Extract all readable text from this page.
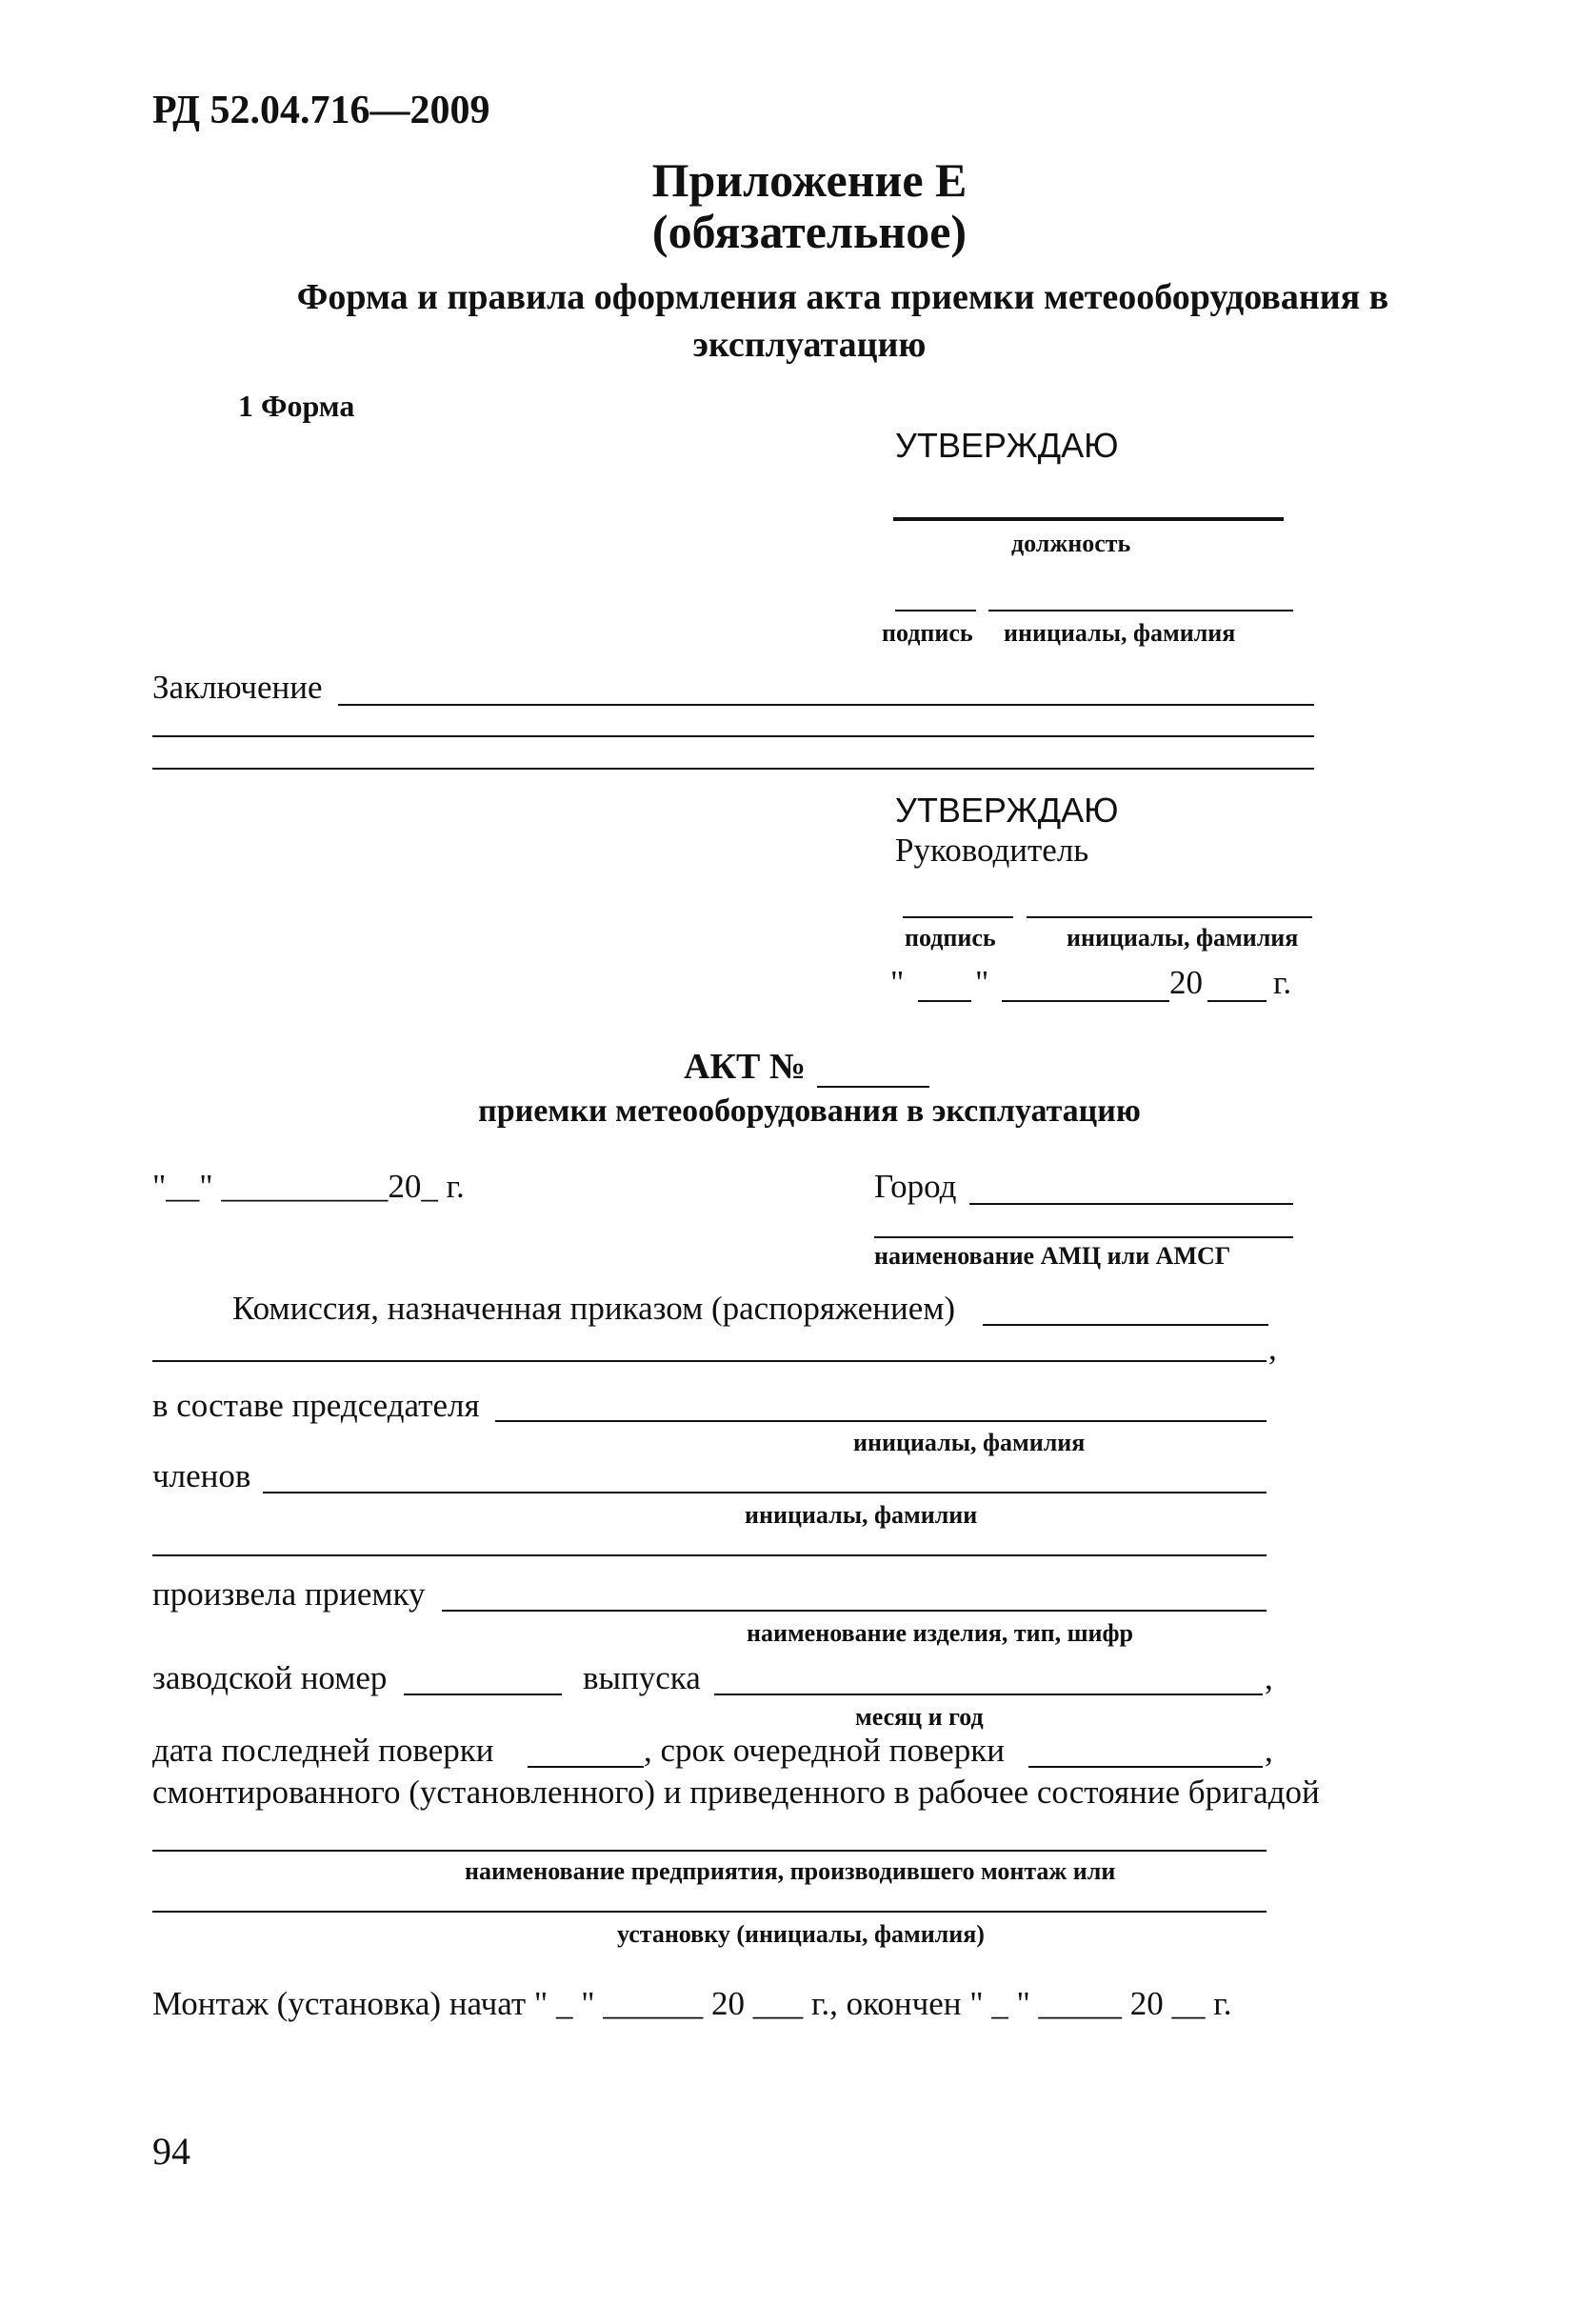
РД 52.04.716—2009
Приложение Е
(обязательное)
Форма и правила оформления акта приемки метеооборудования в
эксплуатацию
1 Форма
УТВЕРЖДАЮ
должность
подпись инициалы, фамилия
Заключение
УТВЕРЖДАЮ
Руководитель
подпись	инициалы, фамилия
" "	20 г.
АКТ №
приемки метеооборудования в эксплуатацию
"__" __________20_ г.	Город
наименование АМЦ или АМСГ
Комиссия, назначенная приказом (распоряжением)
,
в составе председателя
инициалы, фамилия
членов
инициалы, фамилии
произвела приемку
наименование изделия, тип, шифр
заводской номер	выпуска	,
месяц и год
дата последней поверки	, срок очередной поверки	,
смонтированного (установленного) и приведенного в рабочее состояние бригадой
наименование предприятия, производившего монтаж или
установку (инициалы, фамилия)
Монтаж (установка) начат " _ " ______ 20 ___ г., окончен " _ " _____ 20 __ г.
94
